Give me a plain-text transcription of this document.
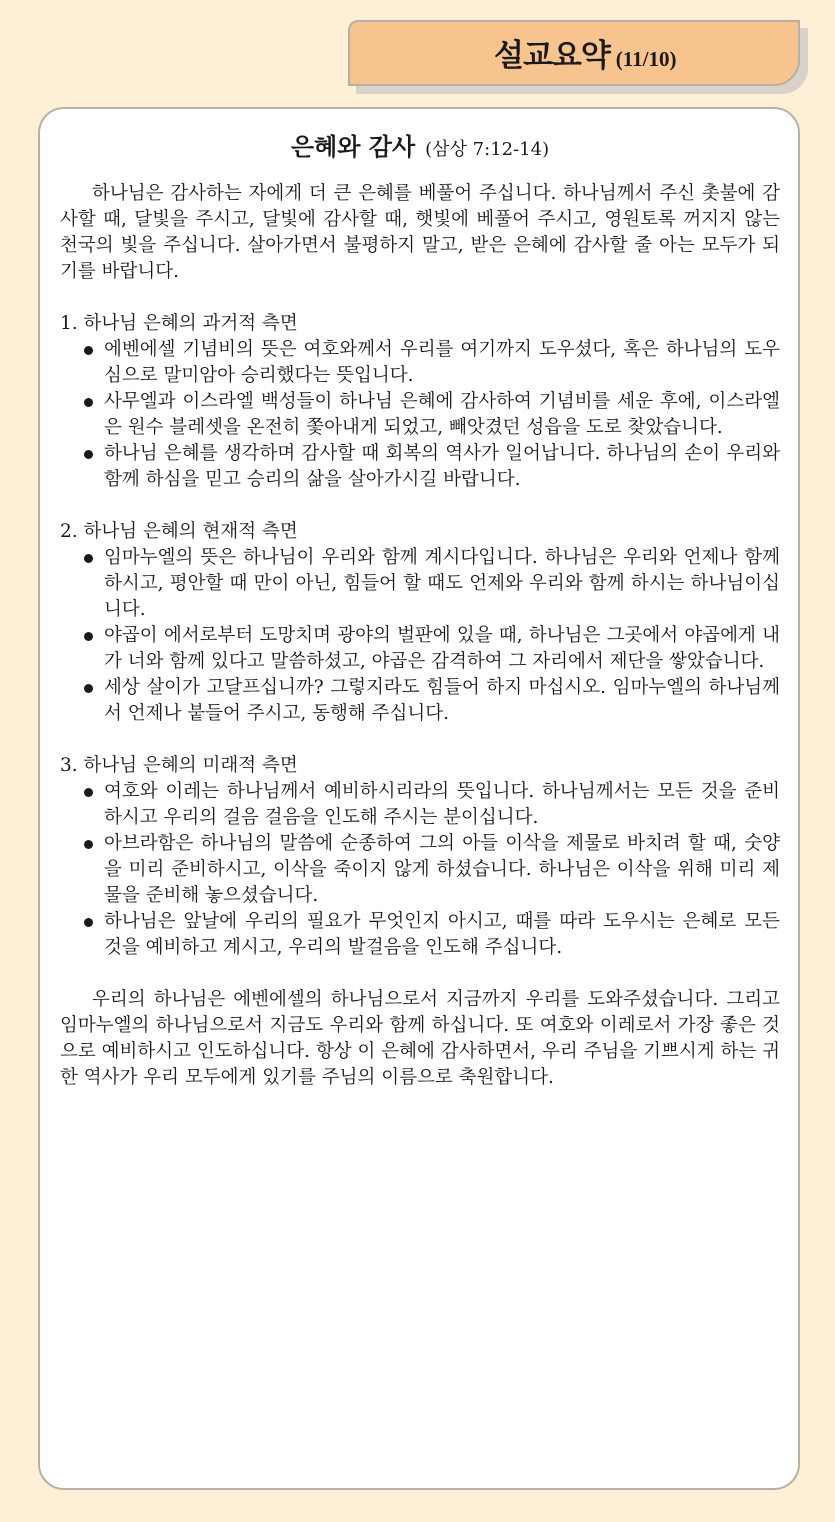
설교요약 (11/10)
은혜와 감사 (삼상 7:12-14)

하나님은 감사하는 자에게 더 큰 은혜를 베풀어 주십니다. 하나님께서 주신 촛불에 감사할 때, 달빛을 주시고, 달빛에 감사할 때, 햇빛에 베풀어 주시고, 영원토록 꺼지지 않는 천국의 빛을 주십니다. 살아가면서 불평하지 말고, 받은 은혜에 감사할 줄 아는 모두가 되기를 바랍니다.

1. 하나님 은혜의 과거적 측면

에벤에셀 기념비의 뜻은 여호와께서 우리를 여기까지 도우셨다, 혹은 하나님의 도우심으로 말미암아 승리했다는 뜻입니다.
사무엘과 이스라엘 백성들이 하나님 은혜에 감사하여 기념비를 세운 후에, 이스라엘은 원수 블레셋을 온전히 쫓아내게 되었고, 빼앗겼던 성읍을 도로 찾았습니다.
하나님 은혜를 생각하며 감사할 때 회복의 역사가 일어납니다. 하나님의 손이 우리와 함께 하심을 믿고 승리의 삶을 살아가시길 바랍니다.

2. 하나님 은혜의 현재적 측면

임마누엘의 뜻은 하나님이 우리와 함께 계시다입니다. 하나님은 우리와 언제나 함께 하시고, 평안할 때 만이 아닌, 힘들어 할 때도 언제와 우리와 함께 하시는 하나님이십니다.
야곱이 에서로부터 도망치며 광야의 벌판에 있을 때, 하나님은 그곳에서 야곱에게 내가 너와 함께 있다고 말씀하셨고, 야곱은 감격하여 그 자리에서 제단을 쌓았습니다.
세상 살이가 고달프십니까? 그렇지라도 힘들어 하지 마십시오. 임마누엘의 하나님께서 언제나 붙들어 주시고, 동행해 주십니다.

3. 하나님 은혜의 미래적 측면

여호와 이레는 하나님께서 예비하시리라의 뜻입니다. 하나님께서는 모든 것을 준비하시고 우리의 걸음 걸음을 인도해 주시는 분이십니다.
아브라함은 하나님의 말씀에 순종하여 그의 아들 이삭을 제물로 바치려 할 때, 숫양을 미리 준비하시고, 이삭을 죽이지 않게 하셨습니다. 하나님은 이삭을 위해 미리 제물을 준비해 놓으셨습니다.
하나님은 앞날에 우리의 필요가 무엇인지 아시고, 때를 따라 도우시는 은혜로 모든 것을 예비하고 계시고, 우리의 발걸음을 인도해 주십니다.

우리의 하나님은 에벤에셀의 하나님으로서 지금까지 우리를 도와주셨습니다. 그리고 임마누엘의 하나님으로서 지금도 우리와 함께 하십니다. 또 여호와 이레로서 가장 좋은 것으로 예비하시고 인도하십니다. 항상 이 은혜에 감사하면서, 우리 주님을 기쁘시게 하는 귀한 역사가 우리 모두에게 있기를 주님의 이름으로 축원합니다.
